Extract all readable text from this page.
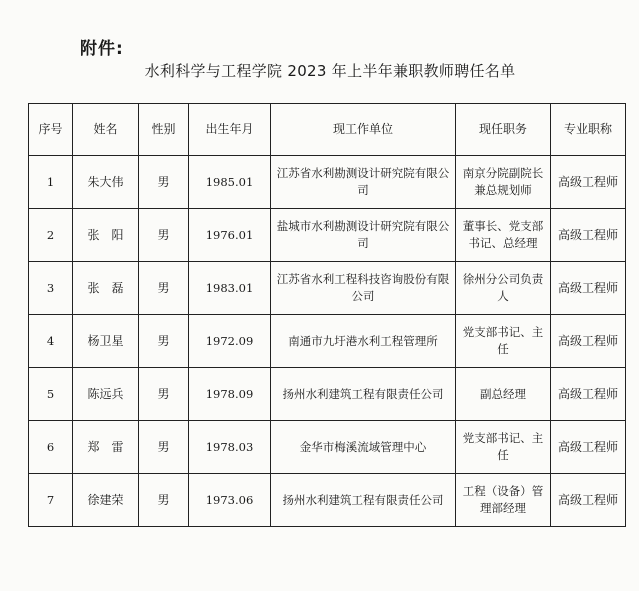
附件:
水利科学与工程学院 2023 年上半年兼职教师聘任名单
序号	姓名	性别	出生年月	现工作单位	现任职务	专业职称
1	朱大伟	男	1985.01	江苏省水利勘测设计研究院有限公司	南京分院副院长兼总规划师	高级工程师
2	张　阳	男	1976.01	盐城市水利勘测设计研究院有限公司	董事长、党支部书记、总经理	高级工程师
3	张　磊	男	1983.01	江苏省水利工程科技咨询股份有限公司	徐州分公司负责人	高级工程师
4	杨卫星	男	1972.09	南通市九圩港水利工程管理所	党支部书记、主任	高级工程师
5	陈远兵	男	1978.09	扬州水利建筑工程有限责任公司	副总经理	高级工程师
6	郑　雷	男	1978.03	金华市梅溪流域管理中心	党支部书记、主任	高级工程师
7	徐建荣	男	1973.06	扬州水利建筑工程有限责任公司	工程（设备）管理部经理	高级工程师
